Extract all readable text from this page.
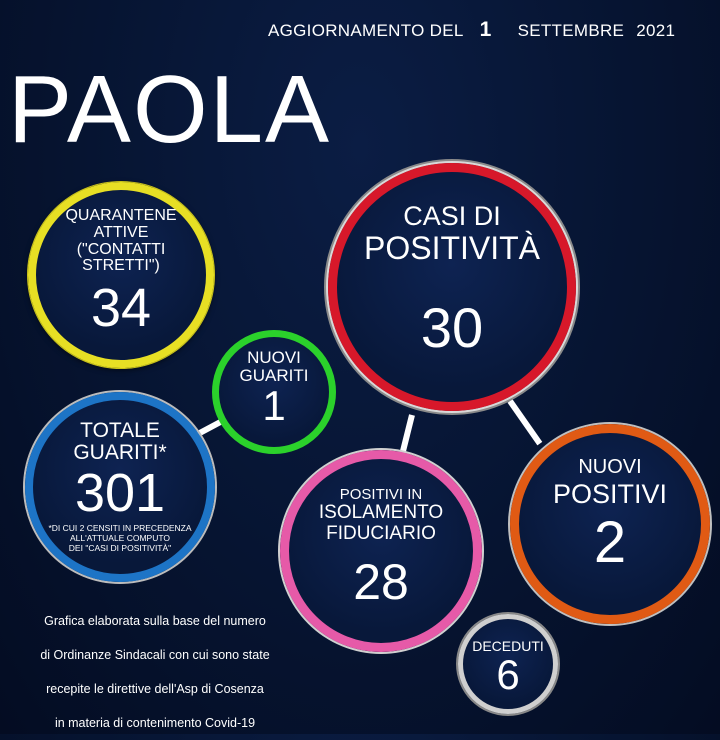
AGGIORNAMENTO DEL 1 SETTEMBRE 2021
PAOLA
QUARANTENE
ATTIVE
("CONTATTI STRETTI")
34
CASI DI
POSITIVITÀ
30
NUOVI
GUARITI
1
TOTALE
GUARITI*
301
*DI CUI 2 CENSITI IN PRECEDENZA
ALL'ATTUALE COMPUTO
DEI "CASI DI POSITIVITÀ"
POSITIVI IN
ISOLAMENTO
FIDUCIARIO
28
NUOVI
POSITIVI
2
DECEDUTI
6
Grafica elaborata sulla base del numero
di Ordinanze Sindacali con cui sono state
recepite le direttive dell'Asp di Cosenza
in materia di contenimento Covid-19
